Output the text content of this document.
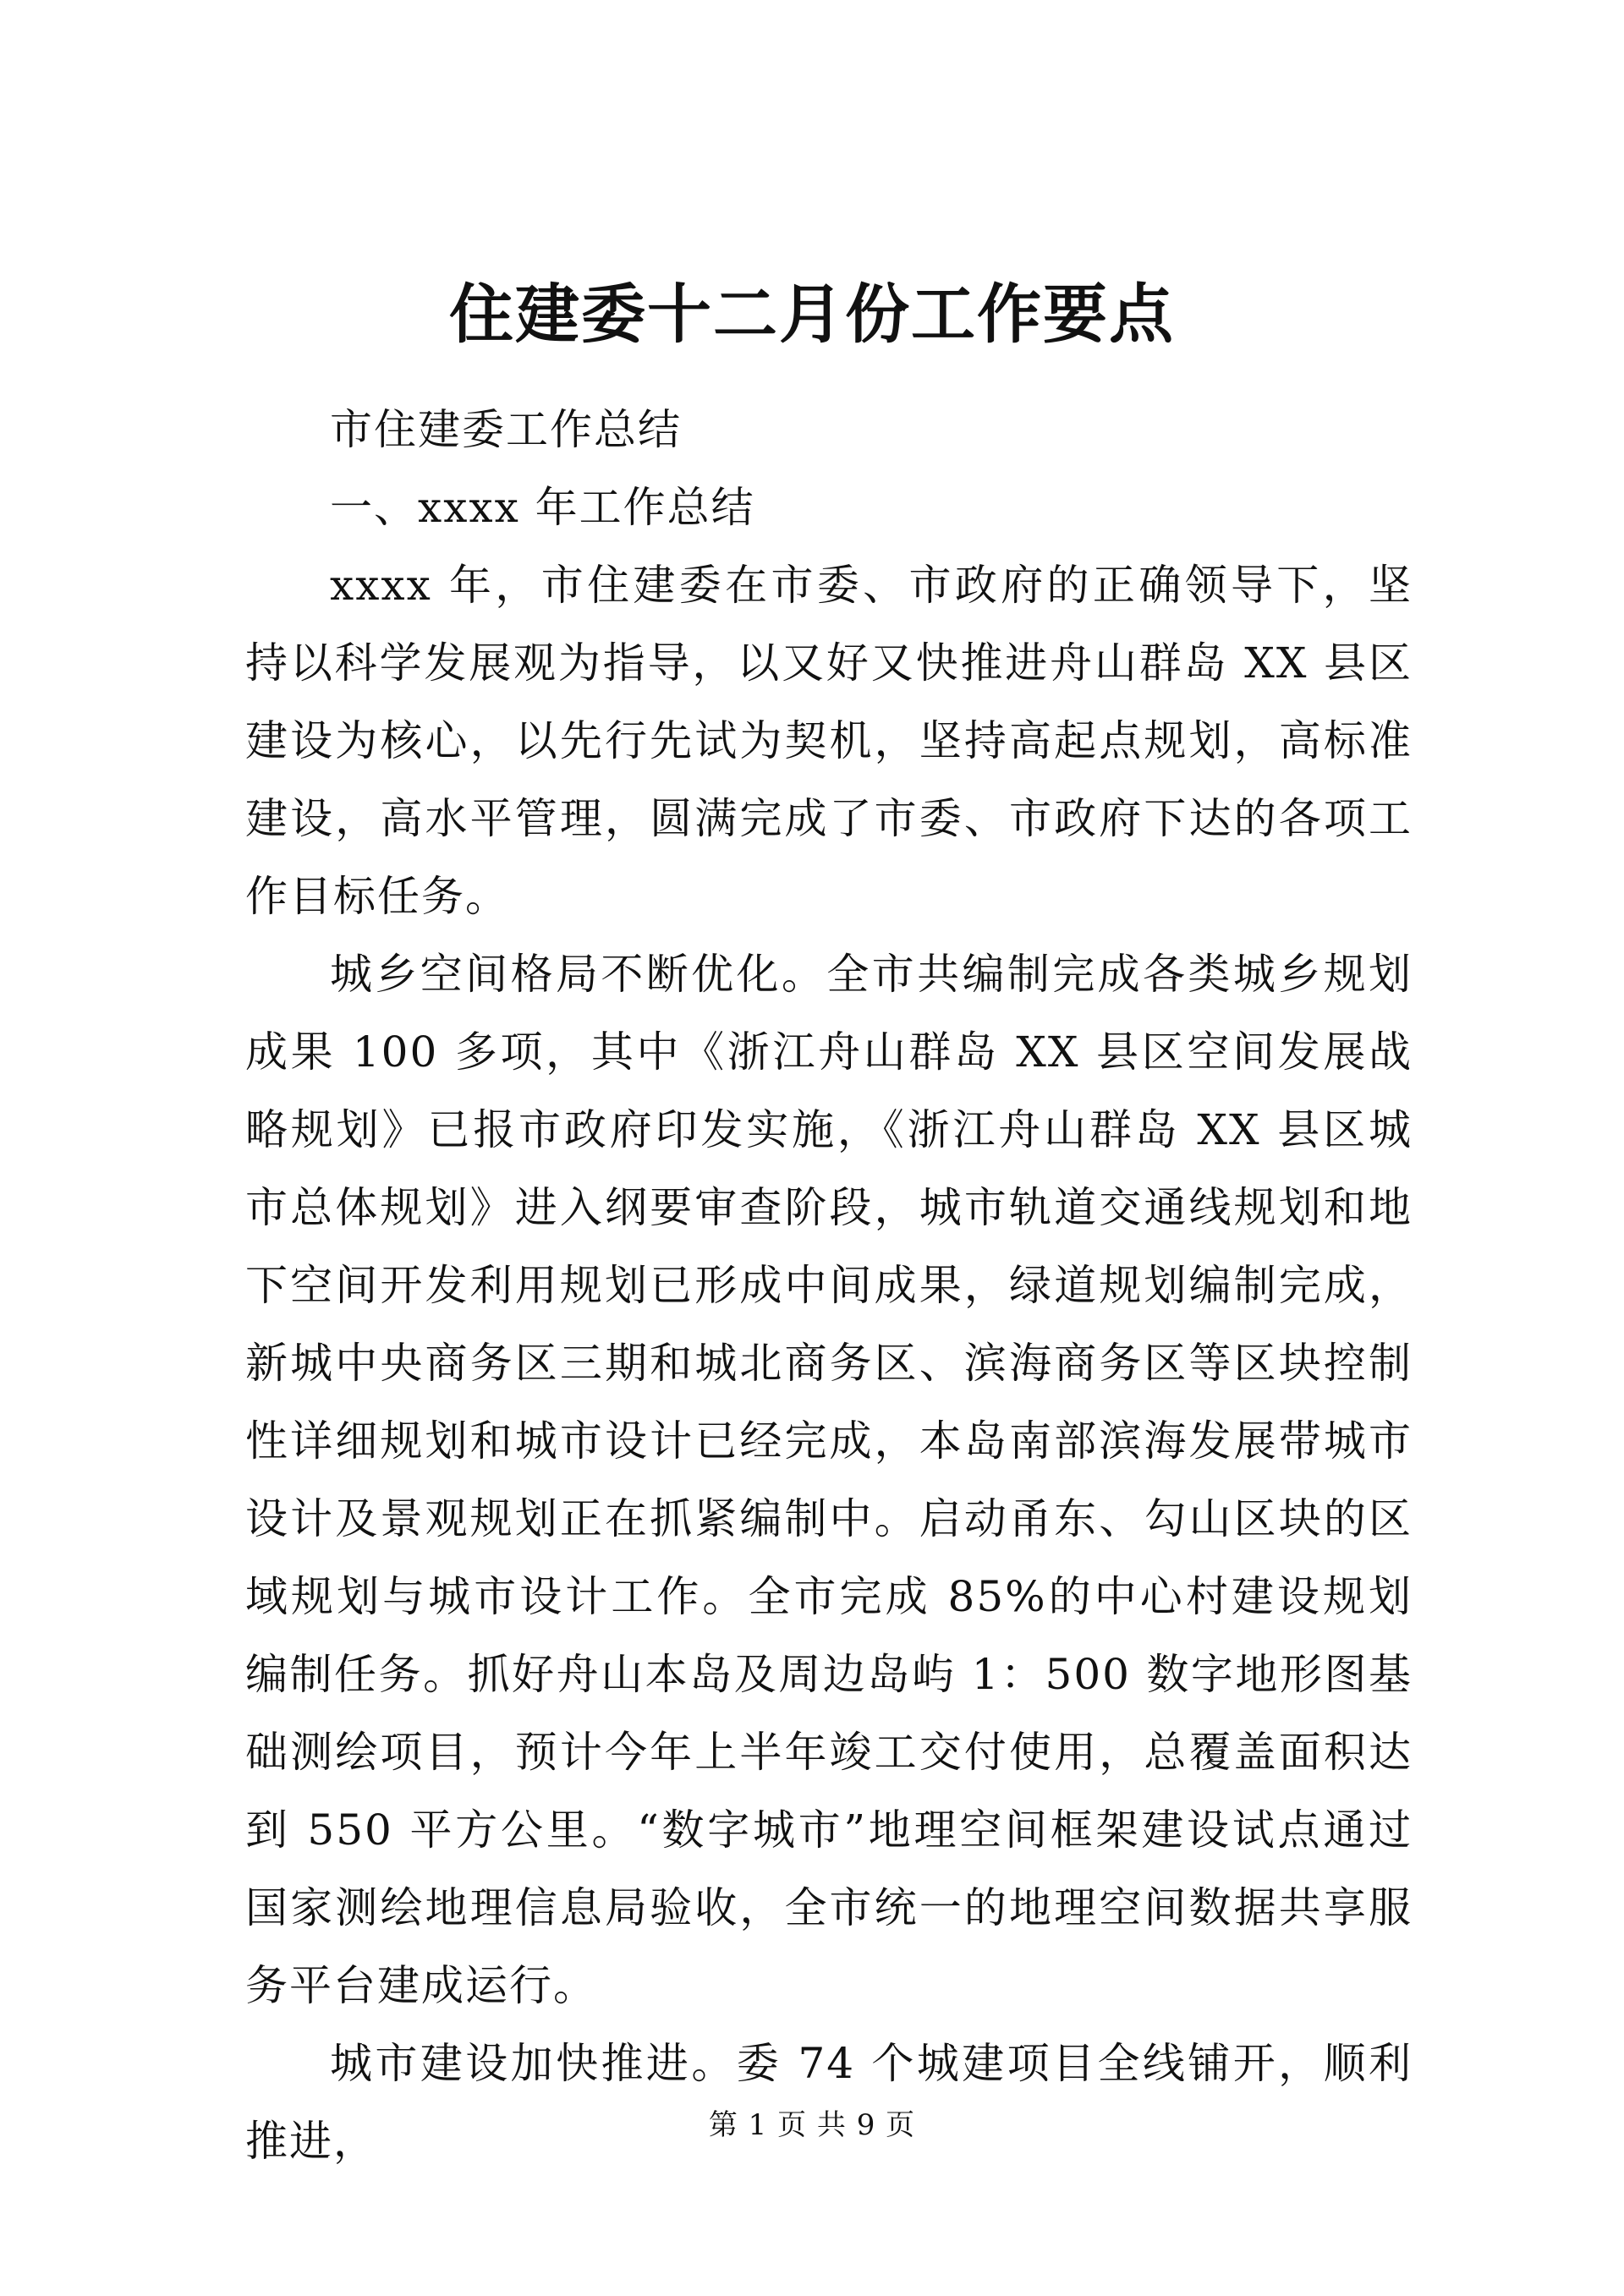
住建委十二月份工作要点

市住建委工作总结

一、xxxx 年工作总结

xxxx 年，市住建委在市委、市政府的正确领导下，坚持以科学发展观为指导，以又好又快推进舟山群岛 XX 县区建设为核心，以先行先试为契机，坚持高起点规划，高标准建设，高水平管理，圆满完成了市委、市政府下达的各项工作目标任务。

城乡空间格局不断优化。全市共编制完成各类城乡规划成果 100 多项，其中《浙江舟山群岛 XX 县区空间发展战略规划》已报市政府印发实施，《浙江舟山群岛 XX 县区城市总体规划》进入纲要审查阶段，城市轨道交通线规划和地下空间开发利用规划已形成中间成果，绿道规划编制完成，新城中央商务区三期和城北商务区、滨海商务区等区块控制性详细规划和城市设计已经完成，本岛南部滨海发展带城市设计及景观规划正在抓紧编制中。启动甬东、勾山区块的区域规划与城市设计工作。全市完成 85%的中心村建设规划编制任务。抓好舟山本岛及周边岛屿 1：500 数字地形图基础测绘项目，预计今年上半年竣工交付使用，总覆盖面积达到 550 平方公里。“数字城市”地理空间框架建设试点通过国家测绘地理信息局验收，全市统一的地理空间数据共享服务平台建成运行。

城市建设加快推进。委 74 个城建项目全线铺开，顺利推进，	第 1 页 共 9 页
